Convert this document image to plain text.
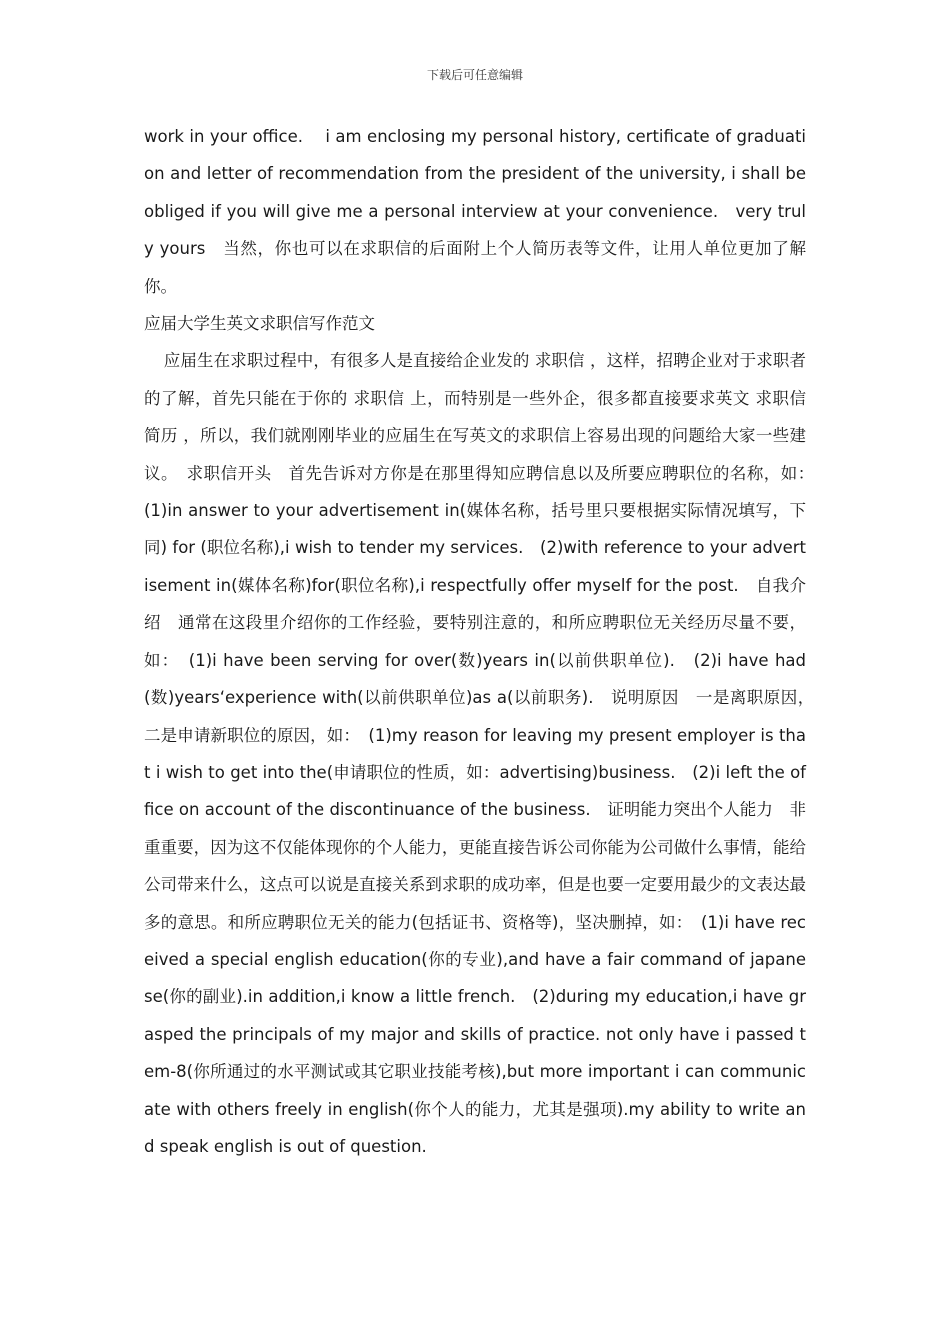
下载后可任意编辑

work in your office.　 i am enclosing my personal history, certificate of graduation and letter of recommendation from the president of the university, i shall be obliged if you will give me a personal interview at your convenience.　very truly yours　当然，你也可以在求职信的后面附上个人简历表等文件，让用人单位更加了解你。

应届大学生英文求职信写作范文

应届生在求职过程中，有很多人是直接给企业发的 求职信 ，这样，招聘企业对于求职者的了解，首先只能在于你的 求职信 上，而特别是一些外企，很多都直接要求英文 求职信 简历 ，所以，我们就刚刚毕业的应届生在写英文的求职信上容易出现的问题给大家一些建议。　求职信开头　首先告诉对方你是在那里得知应聘信息以及所要应聘职位的名称，如：　(1)in answer to your advertisement in(媒体名称，括号里只要根据实际情况填写，下同) for (职位名称),i wish to tender my services.　(2)with reference to your advertisement in(媒体名称)for(职位名称),i respectfully offer myself for the post.　自我介绍　通常在这段里介绍你的工作经验，要特别注意的，和所应聘职位无关经历尽量不要，如：　(1)i have been serving for over(数)years in(以前供职单位).　(2)i have had(数)years‘experience with(以前供职单位)as a(以前职务).　说明原因　一是离职原因，　二是申请新职位的原因，如：　(1)my reason for leaving my present employer is that i wish to get into the(申请职位的性质，如：advertising)business.　(2)i left the office on account of the discontinuance of the business.　证明能力突出个人能力　非重重要，因为这不仅能体现你的个人能力，更能直接告诉公司你能为公司做什么事情，能给公司带来什么，这点可以说是直接关系到求职的成功率，但是也要一定要用最少的文表达最多的意思。和所应聘职位无关的能力(包括证书、资格等)，坚决删掉，如：　(1)i have received a special english education(你的专业),and have a fair command of japanese(你的副业).in addition,i know a little french.　(2)during my education,i have grasped the principals of my major and skills of practice. not only have i passed tem-8(你所通过的水平测试或其它职业技能考核),but more important i can communicate with others freely in english(你个人的能力，尤其是强项).my ability to write and speak english is out of question.
